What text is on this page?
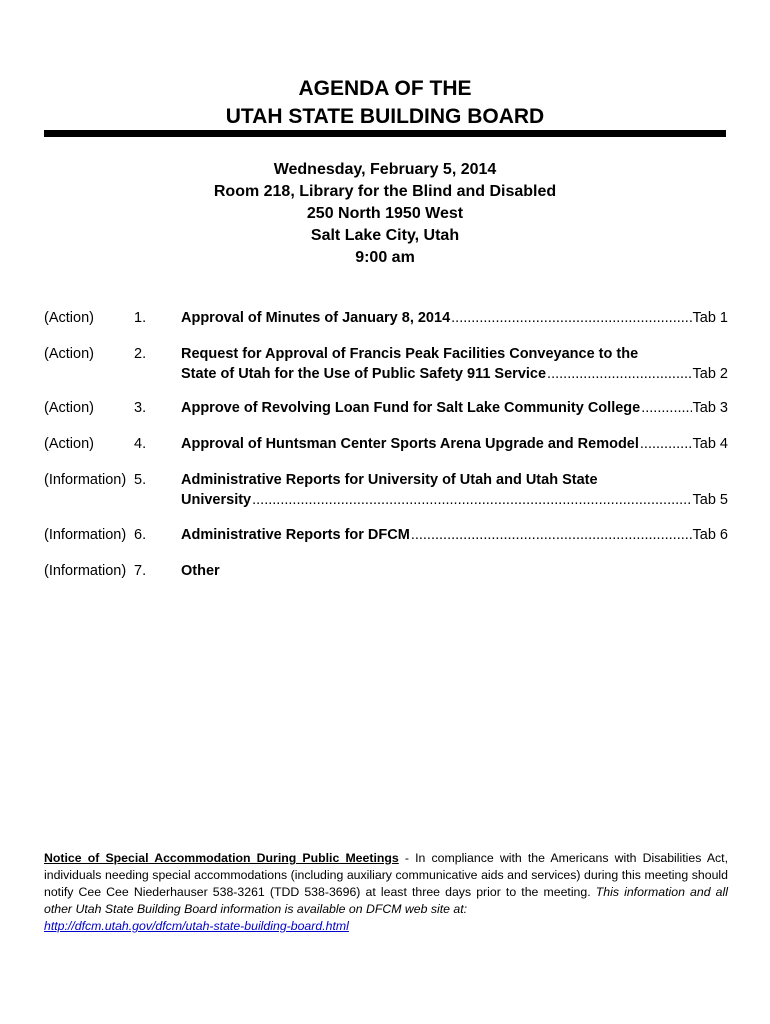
AGENDA OF THE
UTAH STATE BUILDING BOARD
Wednesday, February 5, 2014
Room 218, Library for the Blind and Disabled
250 North 1950 West
Salt Lake City, Utah
9:00 am
(Action)	1. Approval of Minutes of January 8, 2014 .....	Tab 1
(Action)	2. Request for Approval of Francis Peak Facilities Conveyance to the
State of Utah for the Use of Public Safety 911 Service .....	Tab 2
(Action)	3. Approve of Revolving Loan Fund for Salt Lake Community College .....	Tab 3
(Action)	4. Approval of Huntsman Center Sports Arena Upgrade and Remodel .....	Tab 4
(Information) 5. Administrative Reports for University of Utah and Utah State
University .....	Tab 5
(Information) 6. Administrative Reports for DFCM .....	Tab 6
(Information) 7. Other
Notice of Special Accommodation During Public Meetings - In compliance with the Americans with Disabilities Act, individuals needing special accommodations (including auxiliary communicative aids and services) during this meeting should notify Cee Cee Niederhauser 538-3261 (TDD 538-3696) at least three days prior to the meeting. This information and all other Utah State Building Board information is available on DFCM web site at:
http://dfcm.utah.gov/dfcm/utah-state-building-board.html
